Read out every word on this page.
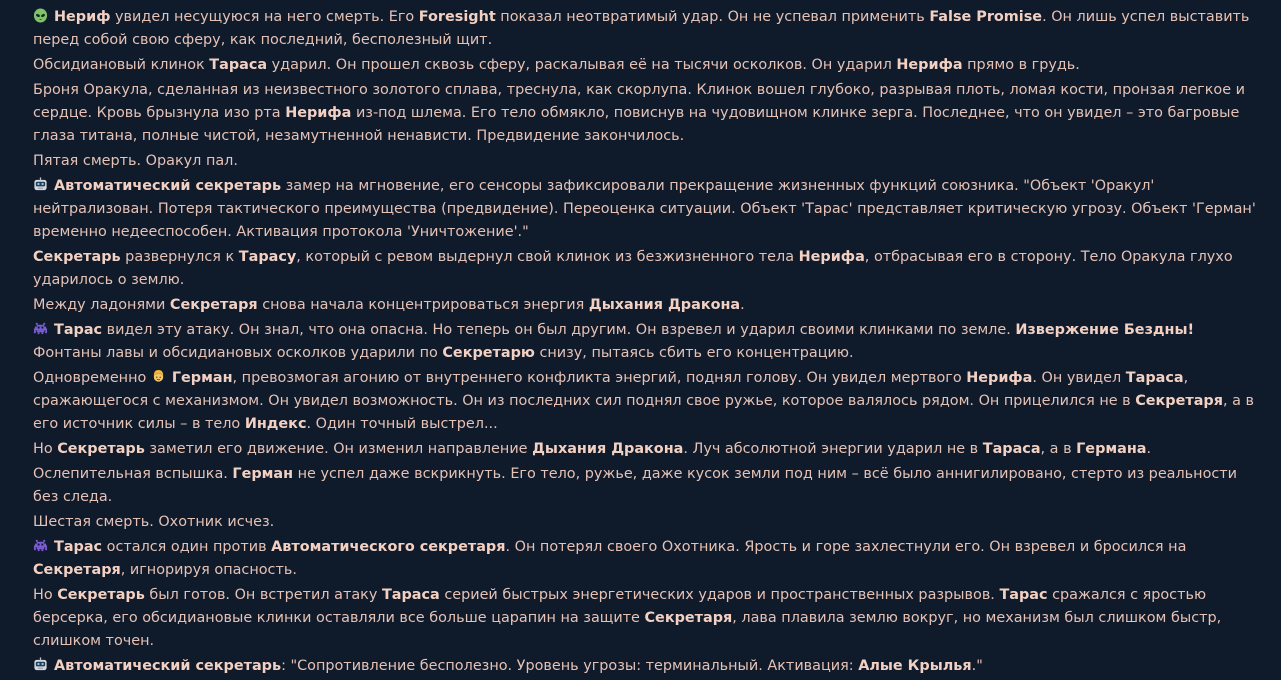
Нериф увидел несущуюся на него смерть. Его Foresight показал неотвратимый удар. Он не успевал применить False Promise. Он лишь успел выставить перед собой свою сферу, как последний, бесполезный щит.
Обсидиановый клинок Тараса ударил. Он прошел сквозь сферу, раскалывая её на тысячи осколков. Он ударил Нерифа прямо в грудь.
Броня Оракула, сделанная из неизвестного золотого сплава, треснула, как скорлупа. Клинок вошел глубоко, разрывая плоть, ломая кости, пронзая легкое и сердце. Кровь брызнула изо рта Нерифа из-под шлема. Его тело обмякло, повиснув на чудовищном клинке зерга. Последнее, что он увидел – это багровые глаза титана, полные чистой, незамутненной ненависти. Предвидение закончилось.
Пятая смерть. Оракул пал.
Автоматический секретарь замер на мгновение, его сенсоры зафиксировали прекращение жизненных функций союзника. "Объект 'Оракул' нейтрализован. Потеря тактического преимущества (предвидение). Переоценка ситуации. Объект 'Тарас' представляет критическую угрозу. Объект 'Герман' временно недееспособен. Активация протокола 'Уничтожение'."
Секретарь развернулся к Тарасу, который с ревом выдернул свой клинок из безжизненного тела Нерифа, отбрасывая его в сторону. Тело Оракула глухо ударилось о землю.
Между ладонями Секретаря снова начала концентрироваться энергия Дыхания Дракона.
Тарас видел эту атаку. Он знал, что она опасна. Но теперь он был другим. Он взревел и ударил своими клинками по земле. Извержение Бездны! Фонтаны лавы и обсидиановых осколков ударили по Секретарю снизу, пытаясь сбить его концентрацию.
Одновременно
Герман, превозмогая агонию от внутреннего конфликта энергий, поднял голову. Он увидел мертвого Нерифа. Он увидел Тараса, сражающегося с механизмом. Он увидел возможность. Он из последних сил поднял свое ружье, которое валялось рядом. Он прицелился не в Секретаря, а в его источник силы – в тело Индекс. Один точный выстрел...
Но Секретарь заметил его движение. Он изменил направление Дыхания Дракона. Луч абсолютной энергии ударил не в Тараса, а в Германа.
Ослепительная вспышка. Герман не успел даже вскрикнуть. Его тело, ружье, даже кусок земли под ним – всё было аннигилировано, стерто из реальности без следа.
Шестая смерть. Охотник исчез.
Тарас остался один против Автоматического секретаря. Он потерял своего Охотника. Ярость и горе захлестнули его. Он взревел и бросился на Секретаря, игнорируя опасность.
Но Секретарь был готов. Он встретил атаку Тараса серией быстрых энергетических ударов и пространственных разрывов. Тарас сражался с яростью берсерка, его обсидиановые клинки оставляли все больше царапин на защите Секретаря, лава плавила землю вокруг, но механизм был слишком быстр, слишком точен.
Автоматический секретарь: "Сопротивление бесполезно. Уровень угрозы: терминальный. Активация: Алые Крылья."
